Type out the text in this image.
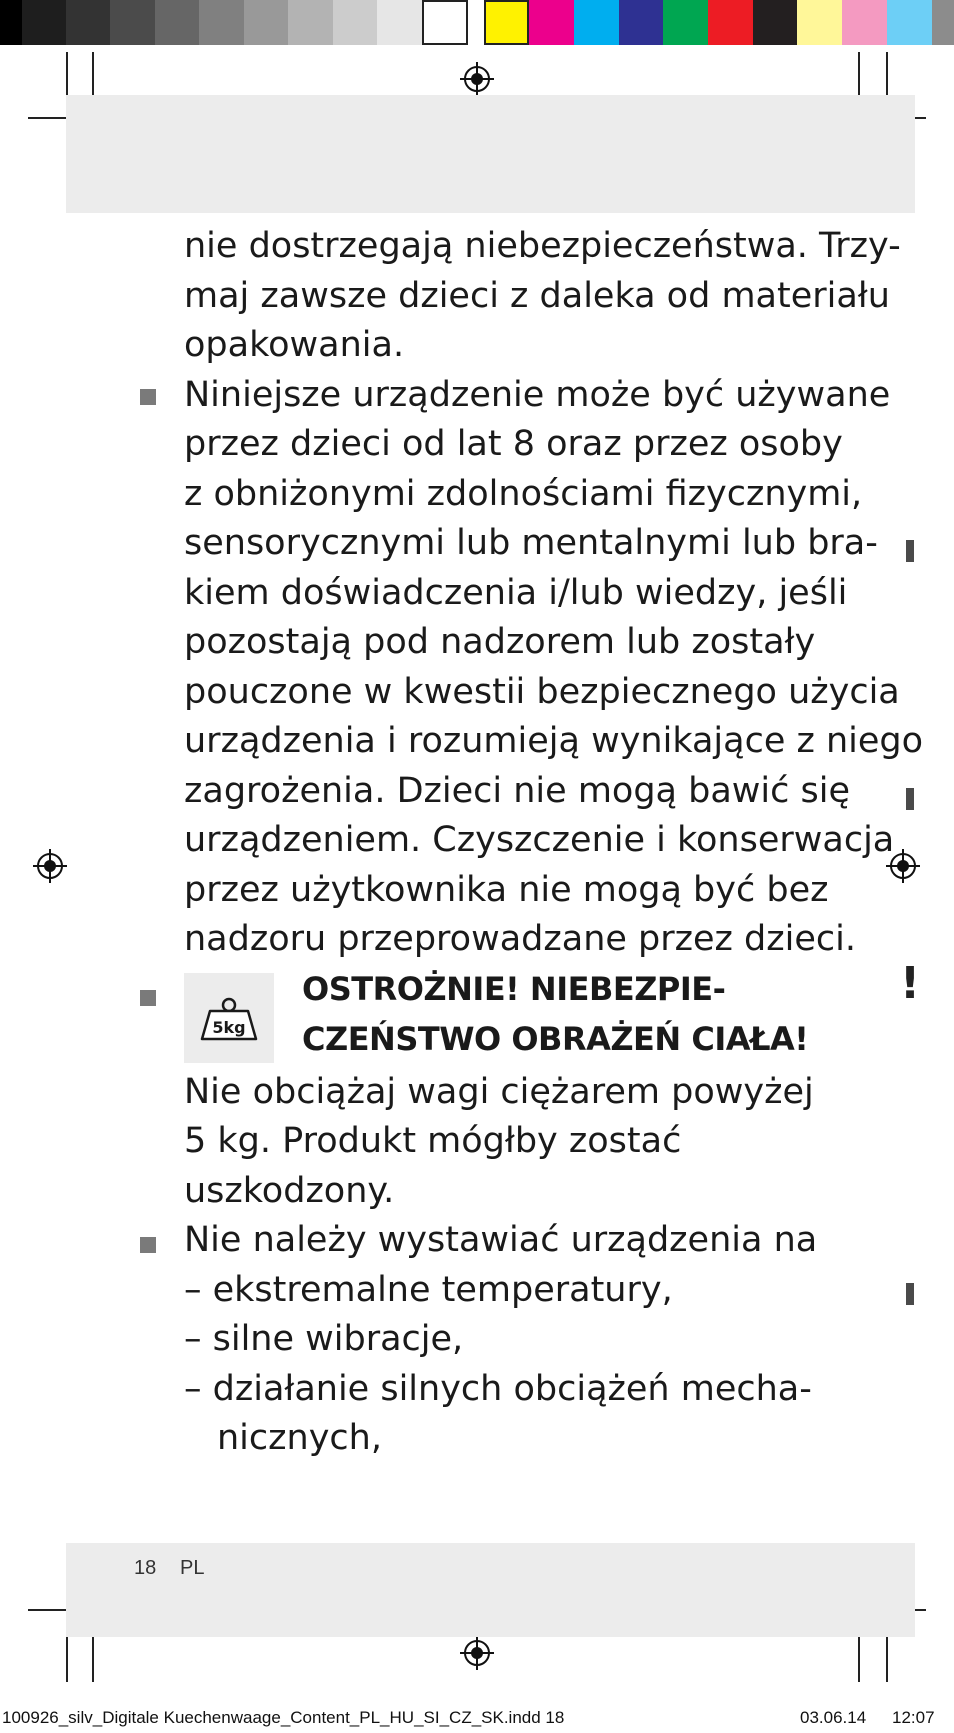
!
nie dostrzegają niebezpieczeństwa. Trzy-
maj zawsze dzieci z daleka od materiału
opakowania.
Niniejsze urządzenie może być używane
przez dzieci od lat 8 oraz przez osoby
z obniżonymi zdolnościami fizycznymi,
sensorycznymi lub mentalnymi lub bra-
kiem doświadczenia i/lub wiedzy, jeśli
pozostają pod nadzorem lub zostały
pouczone w kwestii bezpiecznego użycia
urządzenia i rozumieją wynikające z niego
zagrożenia. Dzieci nie mogą bawić się
urządzeniem. Czyszczenie i konserwacja
przez użytkownika nie mogą być bez
nadzoru przeprowadzane przez dzieci.
5kg
OSTROŻNIE! NIEBEZPIE-
CZEŃSTWO OBRAŻEŃ CIAŁA!
Nie obciążaj wagi ciężarem powyżej
5 kg. Produkt mógłby zostać
uszkodzony.
Nie należy wystawiać urządzenia na
– ekstremalne temperatury,
– silne wibracje,
– działanie silnych obciążeń mecha-
nicznych,
18 PL
100926_silv_Digitale Kuechenwaage_Content_PL_HU_SI_CZ_SK.indd 18	03.06.14 12:07
